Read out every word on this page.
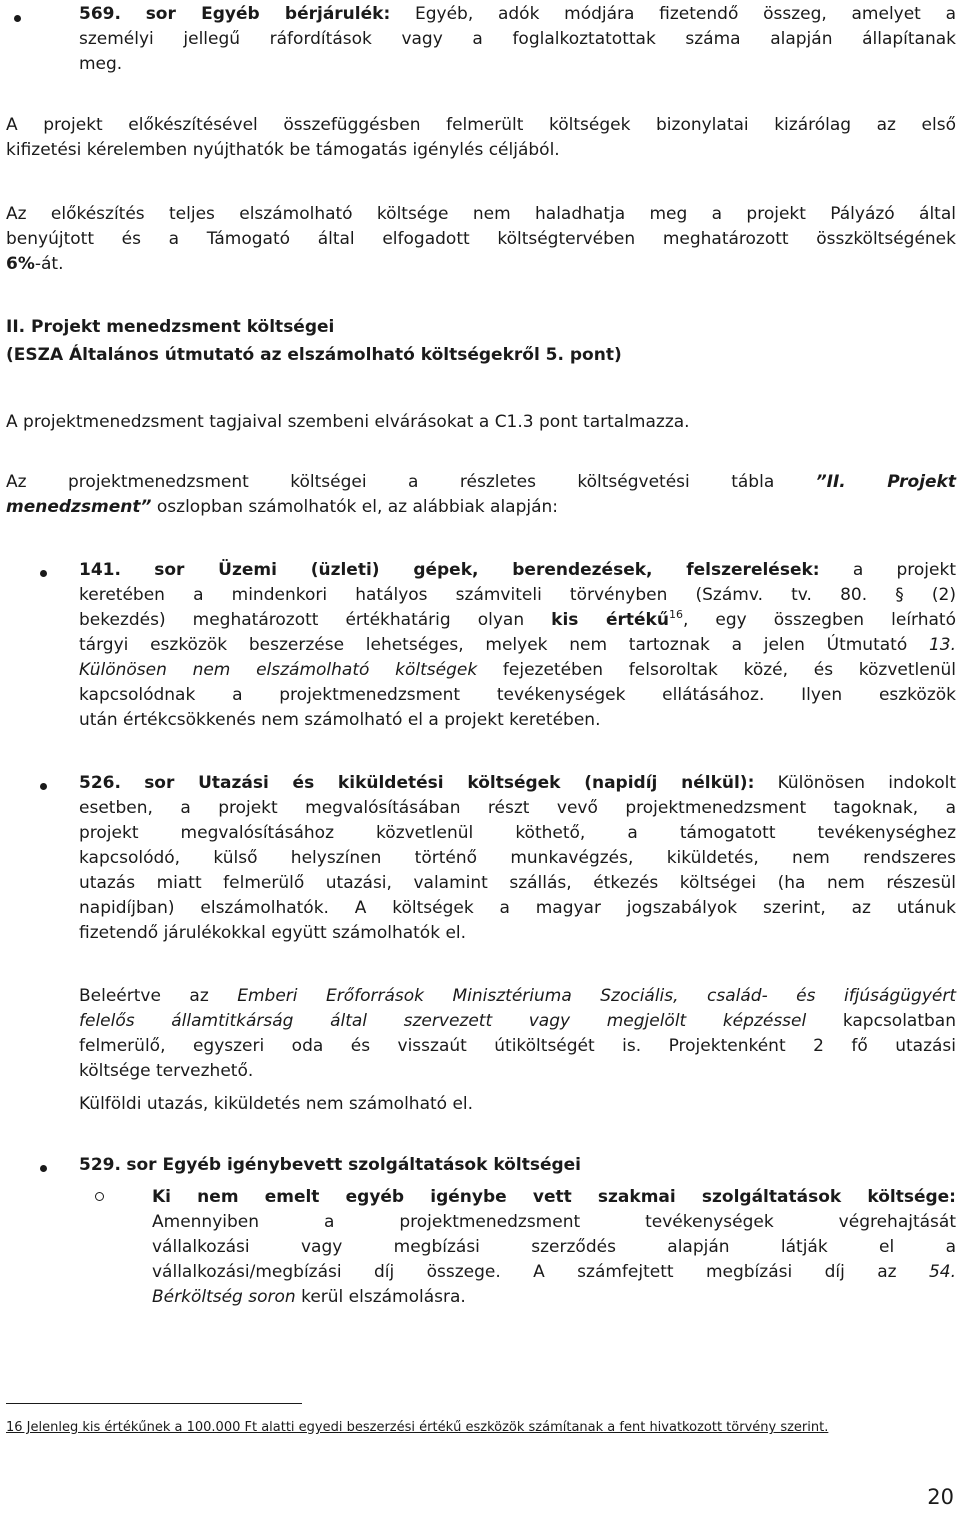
569. sor Egyéb bérjárulék: Egyéb, adók módjára fizetendő összeg, amelyet a
személyi jellegű ráfordítások vagy a foglalkoztatottak száma alapján állapítanak
meg.
A projekt előkészítésével összefüggésben felmerült költségek bizonylatai kizárólag az első
kifizetési kérelemben nyújthatók be támogatás igénylés céljából.
Az előkészítés teljes elszámolható költsége nem haladhatja meg a projekt Pályázó által
benyújtott és a Támogató által elfogadott költségtervében meghatározott összköltségének
6%-át.
II. Projekt menedzsment költségei
(ESZA Általános útmutató az elszámolható költségekről 5. pont)
A projektmenedzsment tagjaival szembeni elvárásokat a C1.3 pont tartalmazza.
Az projektmenedzsment költségei a részletes költségvetési tábla ”II. Projekt
menedzsment” oszlopban számolhatók el, az alábbiak alapján:
141. sor Üzemi (üzleti) gépek, berendezések, felszerelések: a projekt
keretében a mindenkori hatályos számviteli törvényben (Számv. tv. 80. § (2)
bekezdés) meghatározott értékhatárig olyan kis értékű$^{16}$, egy összegben leírható
tárgyi eszközök beszerzése lehetséges, melyek nem tartoznak a jelen Útmutató 13.
Különösen nem elszámolható költségek fejezetében felsoroltak közé, és közvetlenül
kapcsolódnak a projektmenedzsment tevékenységek ellátásához. Ilyen eszközök
után értékcsökkenés nem számolható el a projekt keretében.
526. sor Utazási és kiküldetési költségek (napidíj nélkül): Különösen indokolt
esetben, a projekt megvalósításában részt vevő projektmenedzsment tagoknak, a
projekt megvalósításához közvetlenül köthető, a támogatott tevékenységhez
kapcsolódó, külső helyszínen történő munkavégzés, kiküldetés, nem rendszeres
utazás miatt felmerülő utazási, valamint szállás, étkezés költségei (ha nem részesül
napidíjban) elszámolhatók. A költségek a magyar jogszabályok szerint, az utánuk
fizetendő járulékokkal együtt számolhatók el.
Beleértve az Emberi Erőforrások Minisztériuma Szociális, család- és ifjúságügyért
felelős államtitkárság által szervezett vagy megjelölt képzéssel kapcsolatban
felmerülő, egyszeri oda és visszaút útiköltségét is. Projektenként 2 fő utazási
költsége tervezhető.
Külföldi utazás, kiküldetés nem számolható el.
529. sor Egyéb igénybevett szolgáltatások költségei
Ki nem emelt egyéb igénybe vett szakmai szolgáltatások költsége:
Amennyiben a projektmenedzsment tevékenységek végrehajtását
vállalkozási vagy megbízási szerződés alapján látják el a
vállalkozási/megbízási díj összege. A számfejtett megbízási díj az 54.
Bérköltség soron kerül elszámolásra.
16 Jelenleg kis értékűnek a 100.000 Ft alatti egyedi beszerzési értékű eszközök számítanak a fent hivatkozott törvény szerint.
20
